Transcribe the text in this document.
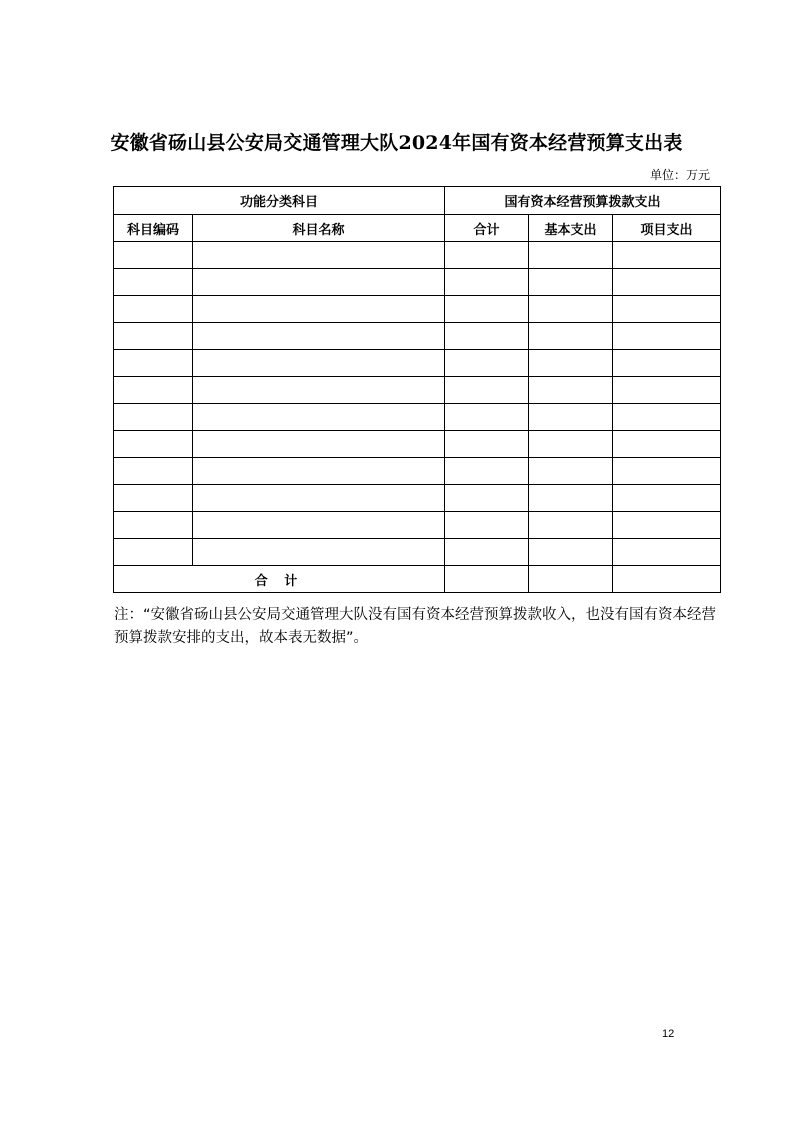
安徽省砀山县公安局交通管理大队2024年国有资本经营预算支出表
单位：万元
功能分类科目		国有资本经营预算拨款支出		
科目编码	科目名称	合计	基本支出	项目支出

合 计				
注：“安徽省砀山县公安局交通管理大队没有国有资本经营预算拨款收入，也没有国有资本经营预算拨款安排的支出，故本表无数据”。
12
